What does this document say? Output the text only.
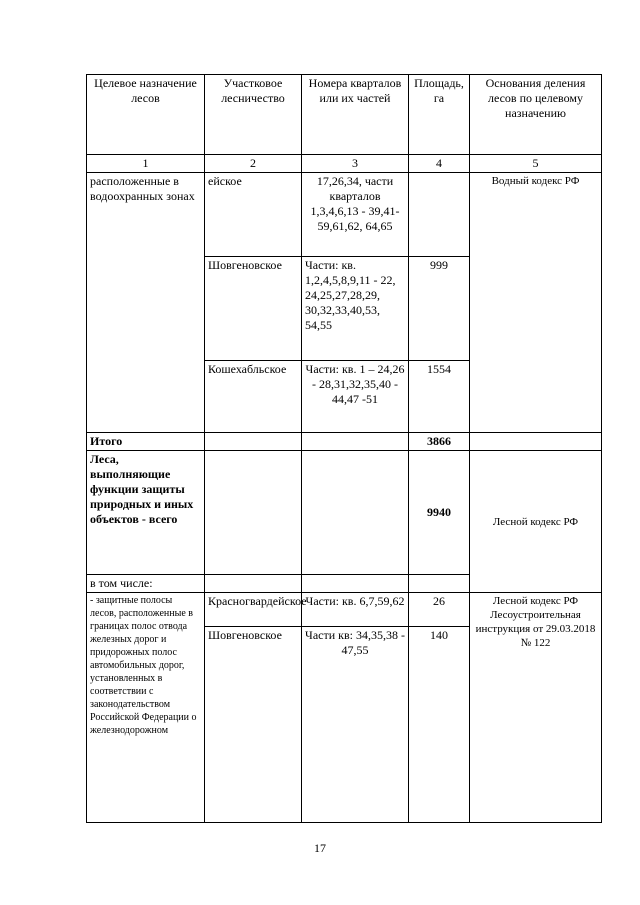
Целевое назначение лесов	Участковое лесничество	Номера кварталов или их частей	Площадь, га	Основания деления лесов по целевому назначению
1	2	3	4	5
расположенные в водоохранных зонах	ейское	17,26,34, части кварталов 1,3,4,6,13 - 39,41-59,61,62, 64,65		Водный кодекс РФ
	Шовгеновское	Части: кв. 1,2,4,5,8,9,11 - 22, 24,25,27,28,29, 30,32,33,40,53, 54,55	999	
	Кошехабльское	Части: кв. 1 – 24,26 - 28,31,32,35,40 - 44,47 -51	1554	
Итого			3866	
Леса, выполняющие функции защиты природных и иных объектов - всего			9940	Лесной кодекс РФ
в том числе:				
- защитные полосы лесов, расположенные в границах полос отвода железных дорог и придорожных полос автомобильных дорог, установленных в соответствии с законодательством Российской Федерации о железнодорожном	Красногвардейское	Части: кв. 6,7,59,62	26	Лесной кодекс РФ Лесоустроительная инструкция от 29.03.2018 № 122
	Шовгеновское	Части кв: 34,35,38 - 47,55	140	
17
